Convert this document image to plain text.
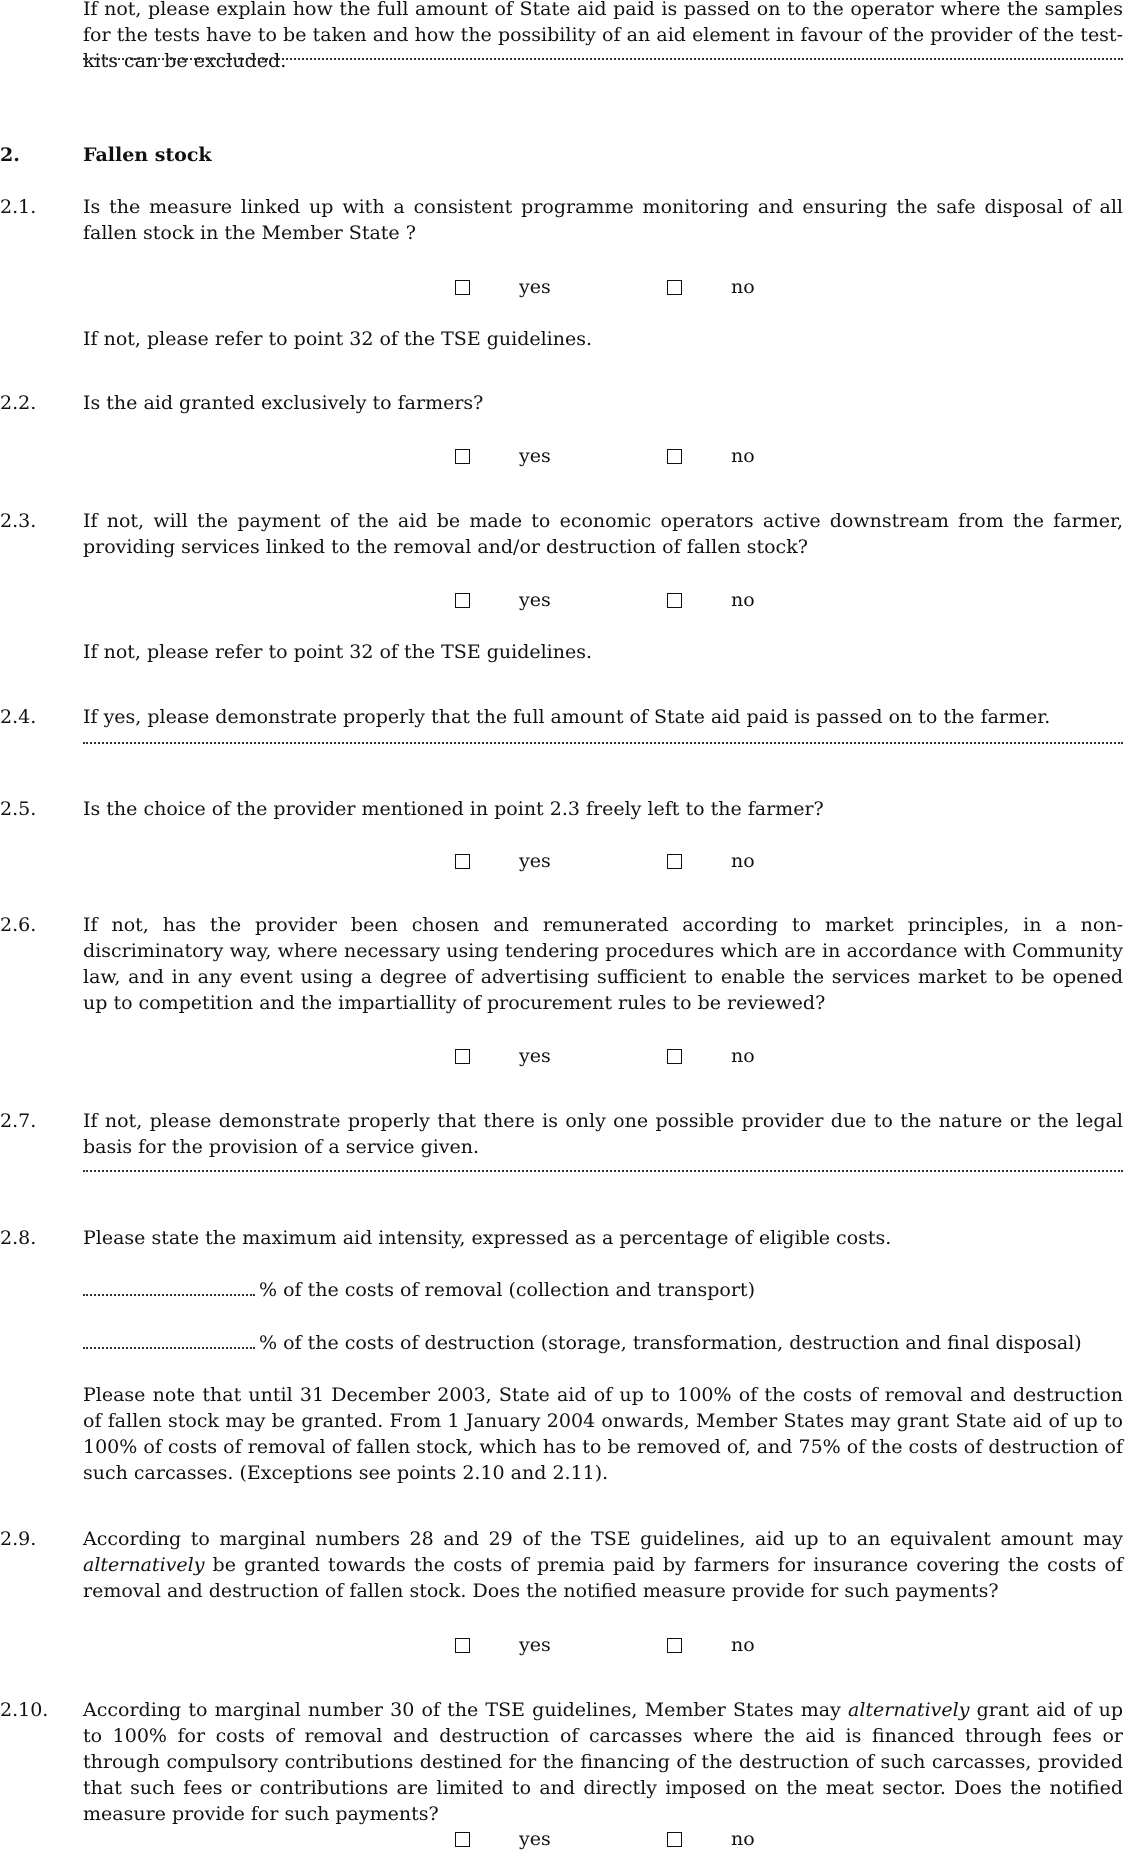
If not, please explain how the full amount of State aid paid is passed on to the operator where the samples for the tests have to be taken and how the possibility of an aid element in favour of the provider of the test-kits can be excluded.

2.	Fallen stock

2.1. Is the measure linked up with a consistent programme monitoring and ensuring the safe disposal of all fallen stock in the Member State ?

yes	no

If not, please refer to point 32 of the TSE guidelines.

2.2. Is the aid granted exclusively to farmers?

yes	no

2.3. If not, will the payment of the aid be made to economic operators active downstream from the farmer, providing services linked to the removal and/or destruction of fallen stock?

yes	no

If not, please refer to point 32 of the TSE guidelines.

2.4. If yes, please demonstrate properly that the full amount of State aid paid is passed on to the farmer.

2.5. Is the choice of the provider mentioned in point 2.3 freely left to the farmer?

yes	no

2.6. If not, has the provider been chosen and remunerated according to market principles, in a non-discriminatory way, where necessary using tendering procedures which are in accordance with Community law, and in any event using a degree of advertising sufficient to enable the services market to be opened up to competition and the impartiallity of procurement rules to be reviewed?

yes	no

2.7. If not, please demonstrate properly that there is only one possible provider due to the nature or the legal basis for the provision of a service given.

2.8. Please state the maximum aid intensity, expressed as a percentage of eligible costs.

% of the costs of removal (collection and transport)
% of the costs of destruction (storage, transformation, destruction and final disposal)

Please note that until 31 December 2003, State aid of up to 100% of the costs of removal and destruction of fallen stock may be granted. From 1 January 2004 onwards, Member States may grant State aid of up to 100% of costs of removal of fallen stock, which has to be removed of, and 75% of the costs of destruction of such carcasses. (Exceptions see points 2.10 and 2.11).

2.9. According to marginal numbers 28 and 29 of the TSE guidelines, aid up to an equivalent amount may alternatively be granted towards the costs of premia paid by farmers for insurance covering the costs of removal and destruction of fallen stock. Does the notified measure provide for such payments?

yes	no

2.10. According to marginal number 30 of the TSE guidelines, Member States may alternatively grant aid of up to 100% for costs of removal and destruction of carcasses where the aid is financed through fees or through compulsory contributions destined for the financing of the destruction of such carcasses, provided that such fees or contributions are limited to and directly imposed on the meat sector. Does the notified measure provide for such payments?

yes	no
